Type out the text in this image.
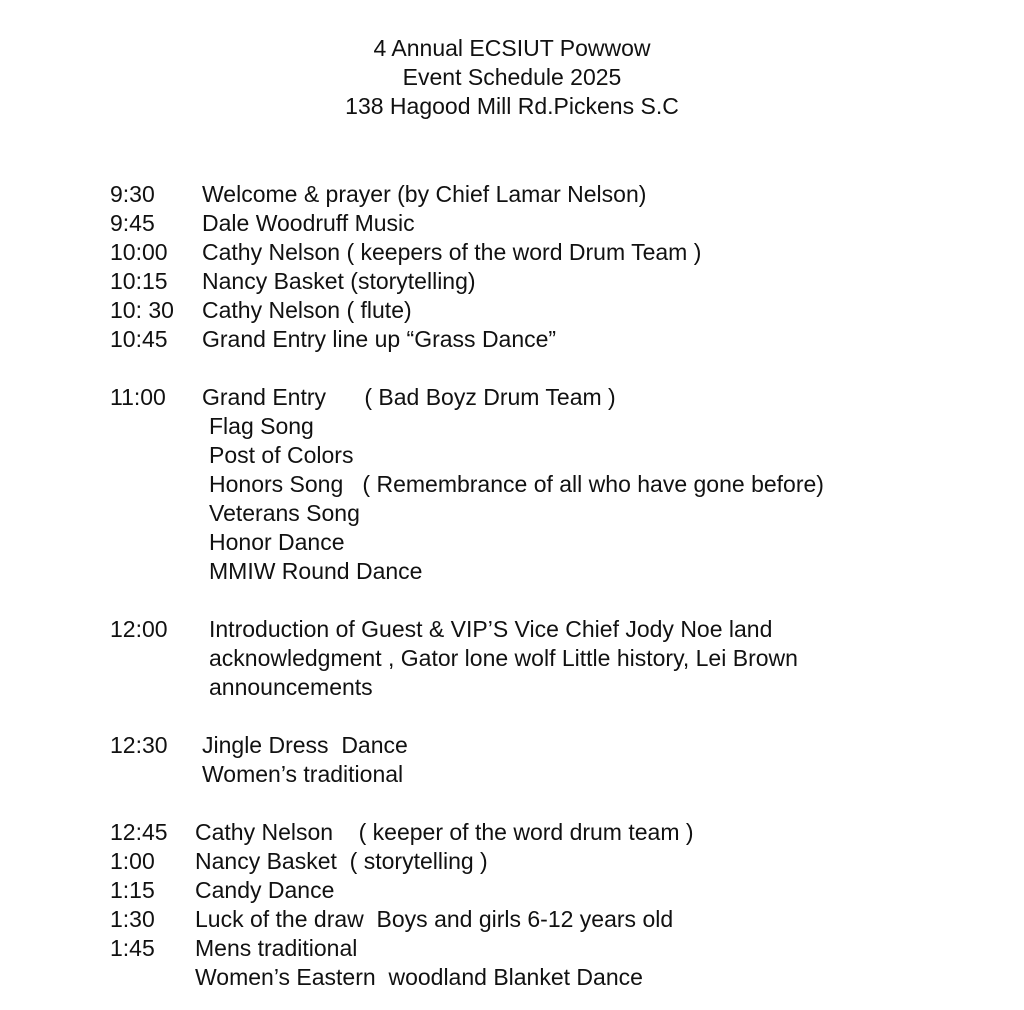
4 Annual ECSIUT Powwow
Event Schedule 2025
138 Hagood Mill Rd.Pickens S.C
9:30 Welcome & prayer (by Chief Lamar Nelson)
9:45 Dale Woodruff Music
10:00 Cathy Nelson ( keepers of the word Drum Team )
10:15 Nancy Basket (storytelling)
10: 30 Cathy Nelson ( flute)
10:45 Grand Entry line up “Grass Dance”
11:00 Grand Entry      ( Bad Boyz Drum Team )
Flag Song
Post of Colors
Honors Song   ( Remembrance of all who have gone before)
Veterans Song
Honor Dance
MMIW Round Dance
12:00 Introduction of Guest & VIP’S Vice Chief Jody Noe land
acknowledgment , Gator lone wolf Little history, Lei Brown
announcements
12:30 Jingle Dress  Dance
Women’s traditional
12:45 Cathy Nelson    ( keeper of the word drum team )
1:00 Nancy Basket  ( storytelling )
1:15 Candy Dance
1:30 Luck of the draw  Boys and girls 6-12 years old
1:45 Mens traditional
Women’s Eastern  woodland Blanket Dance
